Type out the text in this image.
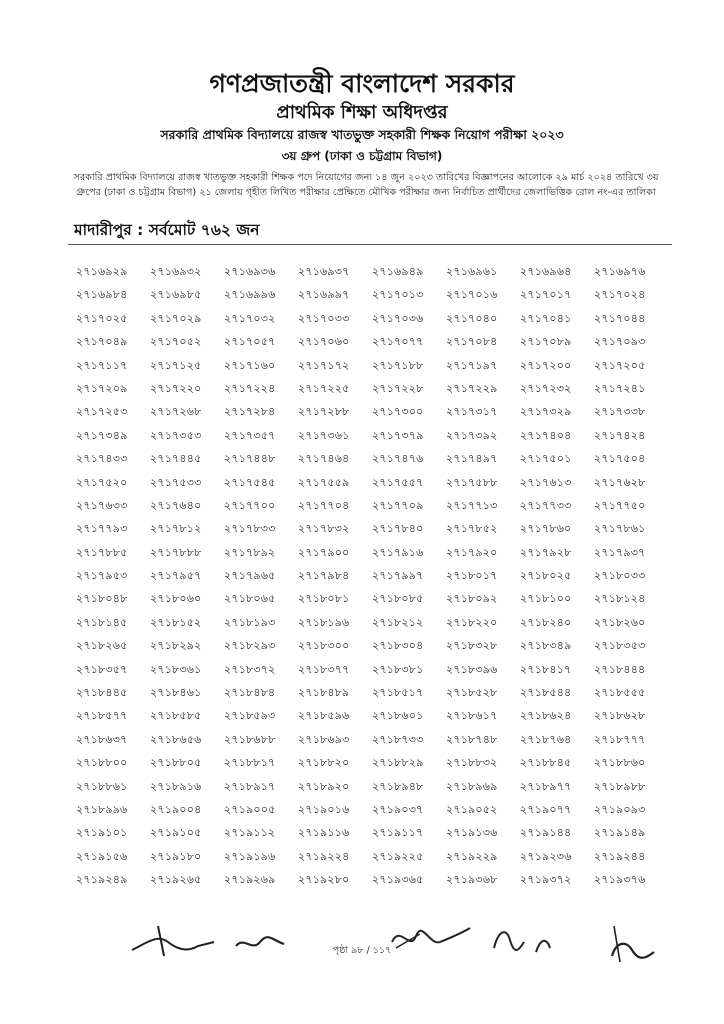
গণপ্রজাতন্ত্রী বাংলাদেশ সরকার
প্রাথমিক শিক্ষা অধিদপ্তর
সরকারি প্রাথমিক বিদ্যালয়ে রাজস্ব খাতভুক্ত সহকারী শিক্ষক নিয়োগ পরীক্ষা ২০২৩
৩য় গ্রুপ (ঢাকা ও চট্টগ্রাম বিভাগ)
সরকারি প্রাথমিক বিদ্যালয়ে রাজস্ব খাতভুক্ত সহকারী শিক্ষক পদে নিয়োগের জন্য ১৪ জুন ২০২৩ তারিখের বিজ্ঞাপনের আলোকে ২৯ মার্চ ২০২৪ তারিখে ৩য় গ্রুপের (ঢাকা ও চট্টগ্রাম বিভাগ) ২১ জেলায় গৃহীত লিখিত পরীক্ষার প্রেক্ষিতে মৌখিক পরীক্ষার জন্য নির্বাচিত প্রার্থীদের জেলাভিত্তিক রোল নং-এর তালিকা
মাদারীপুর : সর্বমোট ৭৬২ জন
২৭১৬৯২৯	২৭১৬৯৩২	২৭১৬৯৩৬	২৭১৬৯৩৭	২৭১৬৯৪৯	২৭১৬৯৬১	২৭১৬৯৬৪	২৭১৬৯৭৬
২৭১৬৯৮৪	২৭১৬৯৮৫	২৭১৬৯৯৬	২৭১৬৯৯৭	২৭১৭০১৩	২৭১৭০১৬	২৭১৭০১৭	২৭১৭০২৪
২৭১৭০২৫	২৭১৭০২৯	২৭১৭০৩২	২৭১৭০৩৩	২৭১৭০৩৬	২৭১৭০৪০	২৭১৭০৪১	২৭১৭০৪৪
২৭১৭০৪৯	২৭১৭০৫২	২৭১৭০৫৭	২৭১৭০৬০	২৭১৭০৭৭	২৭১৭০৮৪	২৭১৭০৮৯	২৭১৭০৯৩
২৭১৭১১৭	২৭১৭১২৫	২৭১৭১৬০	২৭১৭১৭২	২৭১৭১৮৮	২৭১৭১৯৭	২৭১৭২০০	২৭১৭২০৫
২৭১৭২০৯	২৭১৭২২০	২৭১৭২২৪	২৭১৭২২৫	২৭১৭২২৮	২৭১৭২২৯	২৭১৭২৩২	২৭১৭২৪১
২৭১৭২৫৩	২৭১৭২৬৮	২৭১৭২৮৪	২৭১৭২৮৮	২৭১৭৩০০	২৭১৭৩১৭	২৭১৭৩২৯	২৭১৭৩৩৮
২৭১৭৩৪৯	২৭১৭৩৫৩	২৭১৭৩৫৭	২৭১৭৩৬১	২৭১৭৩৭৯	২৭১৭৩৯২	২৭১৭৪০৪	২৭১৭৪২৪
২৭১৭৪৩৩	২৭১৭৪৪৫	২৭১৭৪৪৮	২৭১৭৪৬৪	২৭১৭৪৭৬	২৭১৭৪৯৭	২৭১৭৫০১	২৭১৭৫০৪
২৭১৭৫২০	২৭১৭৫৩৩	২৭১৭৫৪৫	২৭১৭৫৫৯	২৭১৭৫৫৭	২৭১৭৫৮৮	২৭১৭৬১৩	২৭১৭৬২৮
২৭১৭৬৩৩	২৭১৭৬৪০	২৭১৭৭০০	২৭১৭৭০৪	২৭১৭৭০৯	২৭১৭৭১৩	২৭১৭৭৩৩	২৭১৭৭৫০
২৭১৭৭৯৩	২৭১৭৮১২	২৭১৭৮৩৩	২৭১৭৮৩২	২৭১৭৮৪০	২৭১৭৮৫২	২৭১৭৮৬০	২৭১৭৮৬১
২৭১৭৮৮৫	২৭১৭৮৮৮	২৭১৭৮৯২	২৭১৭৯০০	২৭১৭৯১৬	২৭১৭৯২০	২৭১৭৯২৮	২৭১৭৯৩৭
২৭১৭৯৫৩	২৭১৭৯৫৭	২৭১৭৯৬৫	২৭১৭৯৮৪	২৭১৭৯৯৭	২৭১৮০১৭	২৭১৮০২৫	২৭১৮০৩৩
২৭১৮০৪৮	২৭১৮০৬০	২৭১৮০৬৫	২৭১৮০৮১	২৭১৮০৮৫	২৭১৮০৯২	২৭১৮১০০	২৭১৮১২৪
২৭১৮১৪৫	২৭১৮১৫২	২৭১৮১৯৩	২৭১৮১৯৬	২৭১৮২১২	২৭১৮২২০	২৭১৮২৪০	২৭১৮২৬০
২৭১৮২৬৫	২৭১৮২৯২	২৭১৮২৯৩	২৭১৮৩০০	২৭১৮৩০৪	২৭১৮৩২৮	২৭১৮৩৪৯	২৭১৮৩৫৩
২৭১৮৩৫৭	২৭১৮৩৬১	২৭১৮৩৭২	২৭১৮৩৭৭	২৭১৮৩৮১	২৭১৮৩৯৬	২৭১৮৪১৭	২৭১৮৪৪৪
২৭১৮৪৪৫	২৭১৮৪৬১	২৭১৮৪৮৪	২৭১৮৪৮৯	২৭১৮৫১৭	২৭১৮৫২৮	২৭১৮৫৪৪	২৭১৮৫৫৫
২৭১৮৫৭৭	২৭১৮৫৮৫	২৭১৮৫৯৩	২৭১৮৫৯৬	২৭১৮৬০১	২৭১৮৬১৭	২৭১৮৬২৪	২৭১৮৬২৮
২৭১৮৬৩৭	২৭১৮৬৫৬	২৭১৮৬৮৮	২৭১৮৬৯৩	২৭১৮৭৩৩	২৭১৮৭৪৮	২৭১৮৭৬৪	২৭১৮৭৭৭
২৭১৮৮০০	২৭১৮৮০৫	২৭১৮৮১৭	২৭১৮৮২০	২৭১৮৮২৯	২৭১৮৮৩২	২৭১৮৮৪৫	২৭১৮৮৬০
২৭১৮৮৬১	২৭১৮৯১৬	২৭১৮৯১৭	২৭১৮৯২০	২৭১৮৯৪৮	২৭১৮৯৬৯	২৭১৮৯৭৭	২৭১৮৯৮৮
২৭১৮৯৯৬	২৭১৯০০৪	২৭১৯০০৫	২৭১৯০১৬	২৭১৯০৩৭	২৭১৯০৫২	২৭১৯০৭৭	২৭১৯০৯৩
২৭১৯১০১	২৭১৯১০৫	২৭১৯১১২	২৭১৯১১৬	২৭১৯১১৭	২৭১৯১৩৬	২৭১৯১৪৪	২৭১৯১৪৯
২৭১৯১৫৬	২৭১৯১৮০	২৭১৯১৯৬	২৭১৯২২৪	২৭১৯২২৫	২৭১৯২২৯	২৭১৯২৩৬	২৭১৯২৪৪
২৭১৯২৪৯	২৭১৯২৬৫	২৭১৯২৬৯	২৭১৯২৮০	২৭১৯৩৬৫	২৭১৯৩৬৮	২৭১৯৩৭২	২৭১৯৩৭৬
পৃষ্ঠা ৯৮ / ১১৭
